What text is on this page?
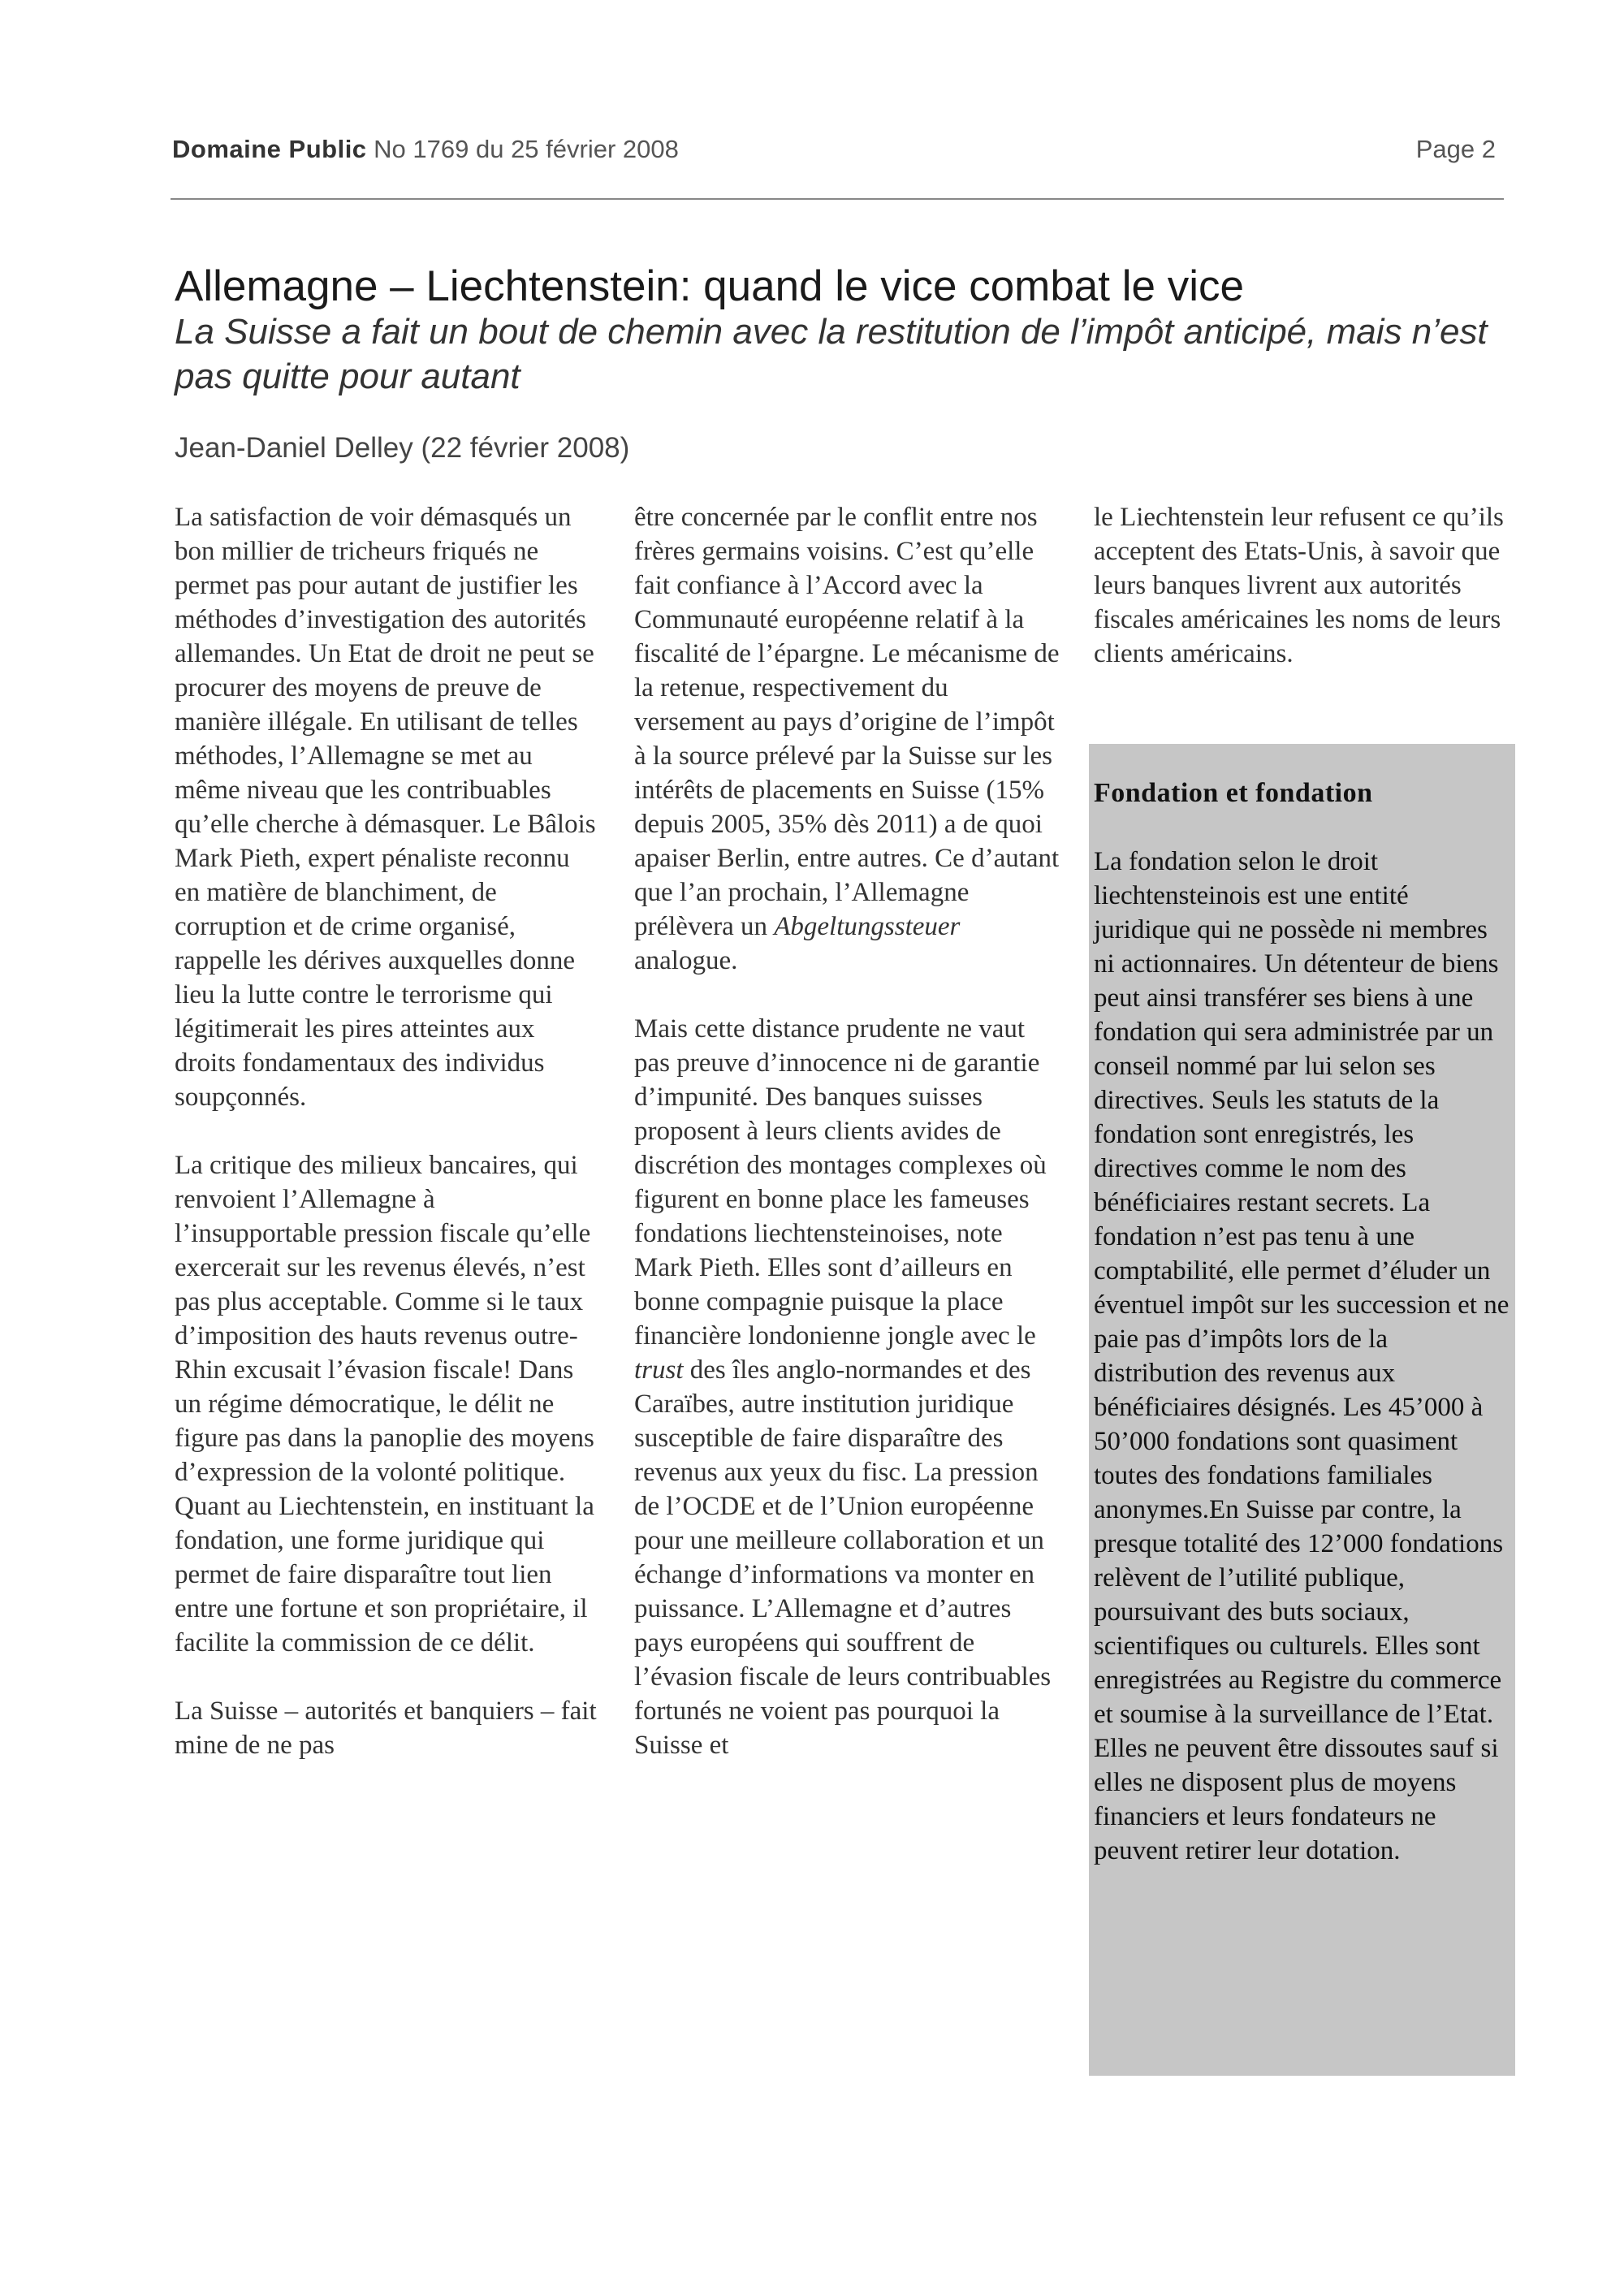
Domaine Public No 1769 du 25 février 2008	Page 2
Allemagne – Liechtenstein: quand le vice combat le vice

La Suisse a fait un bout de chemin avec la restitution de l’impôt anticipé, mais n’est pas quitte pour autant

Jean-Daniel Delley (22 février 2008)

La satisfaction de voir démasqués un bon millier de tricheurs friqués ne permet pas pour autant de justifier les méthodes d’investigation des autorités allemandes. Un Etat de droit ne peut se procurer des moyens de preuve de manière illégale. En utilisant de telles méthodes, l’Allemagne se met au même niveau que les contribuables qu’elle cherche à démasquer. Le Bâlois Mark Pieth, expert pénaliste reconnu en matière de blanchiment, de corruption et de crime organisé, rappelle les dérives auxquelles donne lieu la lutte contre le terrorisme qui légitimerait les pires atteintes aux droits fondamentaux des individus soupçonnés.

La critique des milieux bancaires, qui renvoient l’Allemagne à l’insupportable pression fiscale qu’elle exercerait sur les revenus élevés, n’est pas plus acceptable. Comme si le taux d’imposition des hauts revenus outre-Rhin excusait l’évasion fiscale! Dans un régime démocratique, le délit ne figure pas dans la panoplie des moyens d’expression de la volonté politique. Quant au Liechtenstein, en instituant la fondation, une forme juridique qui permet de faire disparaître tout lien entre une fortune et son propriétaire, il facilite la commission de ce délit.

La Suisse – autorités et banquiers – fait mine de ne pas

être concernée par le conflit entre nos frères germains voisins. C’est qu’elle fait confiance à l’Accord avec la Communauté européenne relatif à la fiscalité de l’épargne. Le mécanisme de la retenue, respectivement du versement au pays d’origine de l’impôt à la source prélevé par la Suisse sur les intérêts de placements en Suisse (15% depuis 2005, 35% dès 2011) a de quoi apaiser Berlin, entre autres. Ce d’autant que l’an prochain, l’Allemagne prélèvera un Abgeltungssteuer analogue.

Mais cette distance prudente ne vaut pas preuve d’innocence ni de garantie d’impunité. Des banques suisses proposent à leurs clients avides de discrétion des montages complexes où figurent en bonne place les fameuses fondations liechtensteinoises, note Mark Pieth. Elles sont d’ailleurs en bonne compagnie puisque la place financière londonienne jongle avec le trust des îles anglo-normandes et des Caraïbes, autre institution juridique susceptible de faire disparaître des revenus aux yeux du fisc. La pression de l’OCDE et de l’Union européenne pour une meilleure collaboration et un échange d’informations va monter en puissance. L’Allemagne et d’autres pays européens qui souffrent de l’évasion fiscale de leurs contribuables fortunés ne voient pas pourquoi la Suisse et

le Liechtenstein leur refusent ce qu’ils acceptent des Etats-Unis, à savoir que leurs banques livrent aux autorités fiscales américaines les noms de leurs clients américains.

Fondation et fondation
La fondation selon le droit liechtensteinois est une entité juridique qui ne possède ni membres ni actionnaires. Un détenteur de biens peut ainsi transférer ses biens à une fondation qui sera administrée par un conseil nommé par lui selon ses directives. Seuls les statuts de la fondation sont enregistrés, les directives comme le nom des bénéficiaires restant secrets. La fondation n’est pas tenu à une comptabilité, elle permet d’éluder un éventuel impôt sur les succession et ne paie pas d’impôts lors de la distribution des revenus aux bénéficiaires désignés. Les 45’000 à 50’000 fondations sont quasiment toutes des fondations familiales anonymes.En Suisse par contre, la presque totalité des 12’000 fondations relèvent de l’utilité publique, poursuivant des buts sociaux, scientifiques ou culturels. Elles sont enregistrées au Registre du commerce et soumise à la surveillance de l’Etat. Elles ne peuvent être dissoutes sauf si elles ne disposent plus de moyens financiers et leurs fondateurs ne peuvent retirer leur dotation.
